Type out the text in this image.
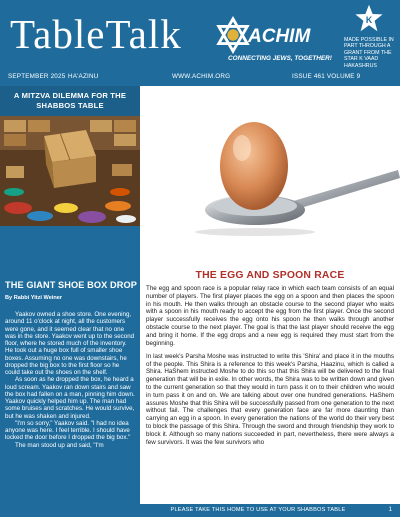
TableTalk	ACHIM
CONNECTING JEWS, TOGETHER!
K
MADE POSSIBLE IN
PART THROUGH A
GRANT FROM THE
STAR K VAAD
HAKASHRUS
SEPTEMBER 2025 HA'AZINU	WWW.ACHIM.ORG	ISSUE 461 VOLUME 9
A MITZVA DILEMMA FOR THE
SHABBOS TABLE
THE GIANT SHOE BOX DROP
By Rabbi Yitzi Weiner

Yaakov owned a shoe store. One evening, around 11 o'clock at night, all the customers were gone, and it seemed clear that no one was in the store. Yaakov went up to the second floor, where he stored much of the inventory. He took out a huge box full of smaller shoe boxes. Assuming no one was downstairs, he dropped the big box to the first floor so he could take out the shoes on the shelf.

As soon as he dropped the box, he heard a loud scream. Yaakov ran down stairs and saw the box had fallen on a man, pinning him down. Yaakov quickly helped him up. The man had some bruises and scratches. He would survive, but he was shaken and injured.

"I'm so sorry," Yaakov said. "I had no idea anyone was here. I feel terrible. I should have locked the door before I dropped the big box."

The man stood up and said, "I'm

THE EGG AND SPOON RACE

The egg and spoon race is a popular relay race in which each team consists of an equal number of players. The first player places the egg on a spoon and then places the spoon in his mouth. He then walks through an obstacle course to the second player who waits with a spoon in his mouth ready to accept the egg from the first player. Once the second player successfully receives the egg onto his spoon he then walks through another obstacle course to the next player. The goal is that the last player should receive the egg and bring it home. If the egg drops and a new egg is required they must start from the beginning.

In last week's Parsha Moshe was instructed to write this 'Shira' and place it in the mouths of the people. This Shira is a reference to this week's Parsha, Haazinu, which is called a Shira. HaShem instructed Moshe to do this so that this Shira will be delivered to the final generation that will be in exile. In other words, the Shira was to be written down and given to the current generation so that they would in turn pass it on to their children who would in turn pass it on and on. We are talking about over one hundred generations. HaShem assures Moshe that this Shira will be successfully passed from one generation to the next without fail. The challenges that every generation face are far more daunting than carrying an egg in a spoon. In every generation the nations of the world do their very best to block the passage of this Shira. Through the sword and through friendship they work to block it. Although so many nations succeeded in part, nevertheless, there were always a few survivors. It was the few survivors who

PLEASE TAKE THIS HOME TO USE AT YOUR SHABBOS TABLE	1
